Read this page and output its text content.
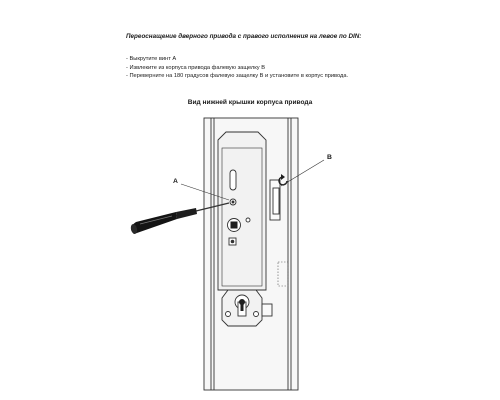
Переоснащение дверного привода с правого исполнения на левое по DIN:
- Выкрутите винт A
- Извлеките из корпуса привода фалевую защелку B
- Переверните на 180 градусов фалевую защелку B и установите в корпус привода.
Вид нижней крышки корпуса привода
A
B
